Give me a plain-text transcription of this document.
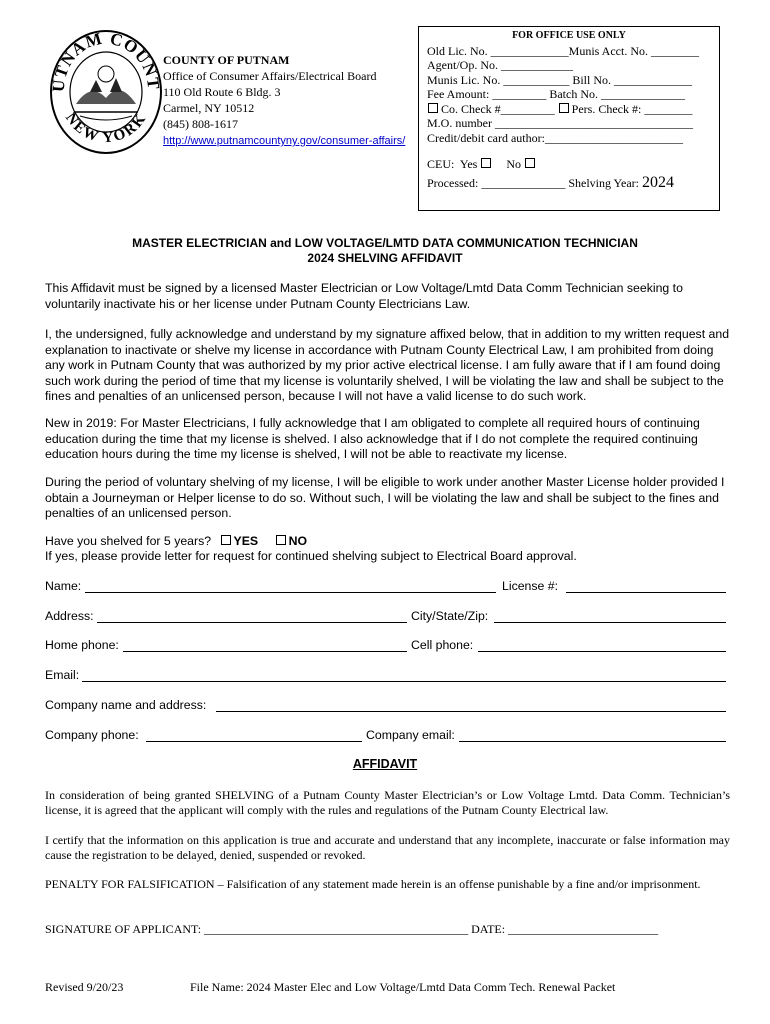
UTNAM COUNT
NEW YORK
COUNTY OF PUTNAM
Office of Consumer Affairs/Electrical Board
110 Old Route 6 Bldg. 3
Carmel, NY 10512
(845) 808-1617
http://www.putnamcountyny.gov/consumer-affairs/
FOR OFFICE USE ONLY
Old Lic. No. _____________Munis Acct. No. ________
Agent/Op. No. ____________
Munis Lic. No. ___________ Bill No. _____________
Fee Amount: _________ Batch No. ______________
Co. Check #_________ Pers. Check #: ________
M.O. number _________________________________
Credit/debit card author:_______________________
CEU:  Yes No
Processed: ______________ Shelving Year: 2024
MASTER ELECTRICIAN and LOW VOLTAGE/LMTD DATA COMMUNICATION TECHNICIAN
2024 SHELVING AFFIDAVIT
This Affidavit must be signed by a licensed Master Electrician or Low Voltage/Lmtd Data Comm Technician seeking to voluntarily inactivate his or her license under Putnam County Electricians Law.
I, the undersigned, fully acknowledge and understand by my signature affixed below, that in addition to my written request and explanation to inactivate or shelve my license in accordance with Putnam County Electrical Law, I am prohibited from doing any work in Putnam County that was authorized by my prior active electrical license. I am fully aware that if I am found doing such work during the period of time that my license is voluntarily shelved, I will be violating the law and shall be subject to the fines and penalties of an unlicensed person, because I will not have a valid license to do such work.
New in 2019: For Master Electricians, I fully acknowledge that I am obligated to complete all required hours of continuing education during the time that my license is shelved. I also acknowledge that if I do not complete the required continuing education hours during the time my license is shelved, I will not be able to reactivate my license.
During the period of voluntary shelving of my license, I will be eligible to work under another Master License holder provided I obtain a Journeyman or Helper license to do so. Without such, I will be violating the law and shall be subject to the fines and penalties of an unlicensed person.
Have you shelved for 5 years? YES NO
If yes, please provide letter for request for continued shelving subject to Electrical Board approval.
Name:	License #:
Address:	City/State/Zip:
Home phone:	Cell phone:
Email:
Company name and address:
Company phone:	Company email:
AFFIDAVIT
In consideration of being granted SHELVING of a Putnam County Master Electrician’s or Low Voltage Lmtd. Data Comm. Technician’s license, it is agreed that the applicant will comply with the rules and regulations of the Putnam County Electrical law.
I certify that the information on this application is true and accurate and understand that any incomplete, inaccurate or false information may cause the registration to be delayed, denied, suspended or revoked.
PENALTY FOR FALSIFICATION – Falsification of any statement made herein is an offense punishable by a fine and/or imprisonment.
SIGNATURE OF APPLICANT: ____________________________________________ DATE: _________________________
Revised 9/20/23	File Name: 2024 Master Elec and Low Voltage/Lmtd Data Comm Tech. Renewal Packet
